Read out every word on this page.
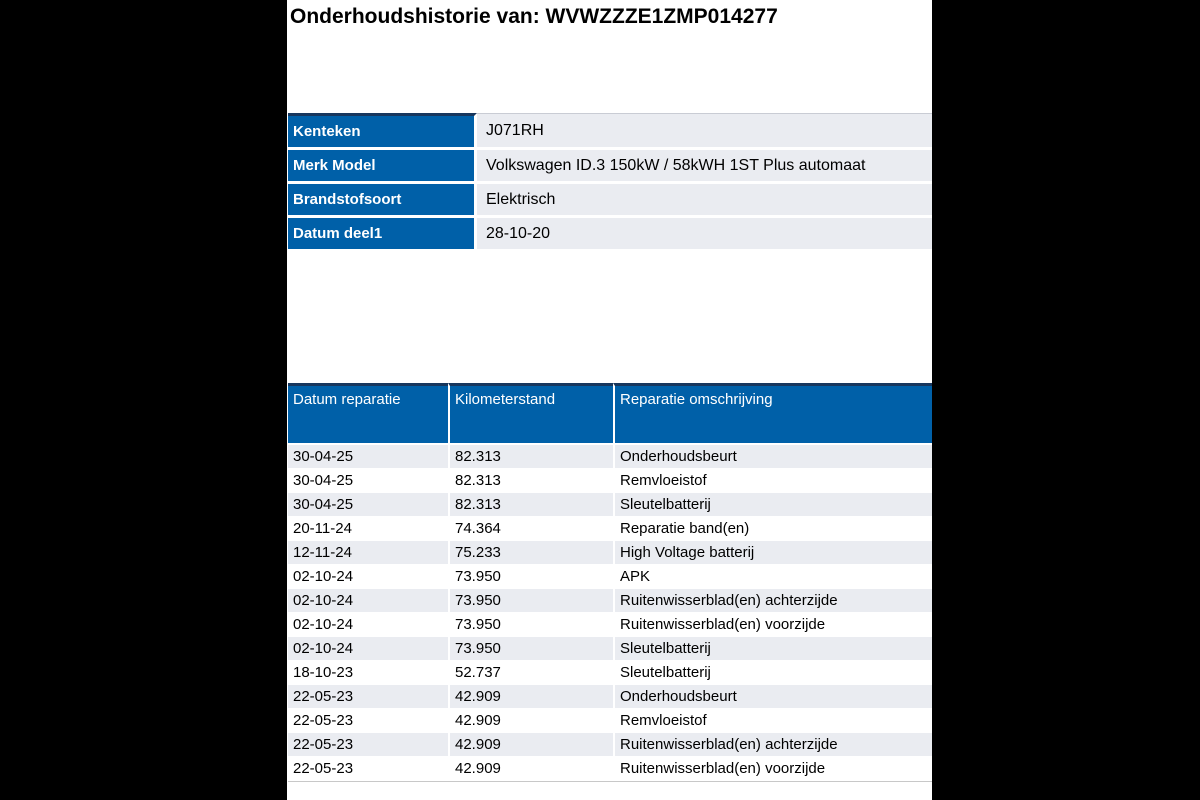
Onderhoudshistorie van: WVWZZZE1ZMP014277
Kenteken	J071RH
Merk Model	Volkswagen ID.3 150kW / 58kWH 1ST Plus automaat
Brandstofsoort	Elektrisch
Datum deel1	28-10-20
Datum reparatie	Kilometerstand	Reparatie omschrijving
30-04-25	82.313	Onderhoudsbeurt
30-04-25	82.313	Remvloeistof
30-04-25	82.313	Sleutelbatterij
20-11-24	74.364	Reparatie band(en)
12-11-24	75.233	High Voltage batterij
02-10-24	73.950	APK
02-10-24	73.950	Ruitenwisserblad(en) achterzijde
02-10-24	73.950	Ruitenwisserblad(en) voorzijde
02-10-24	73.950	Sleutelbatterij
18-10-23	52.737	Sleutelbatterij
22-05-23	42.909	Onderhoudsbeurt
22-05-23	42.909	Remvloeistof
22-05-23	42.909	Ruitenwisserblad(en) achterzijde
22-05-23	42.909	Ruitenwisserblad(en) voorzijde
